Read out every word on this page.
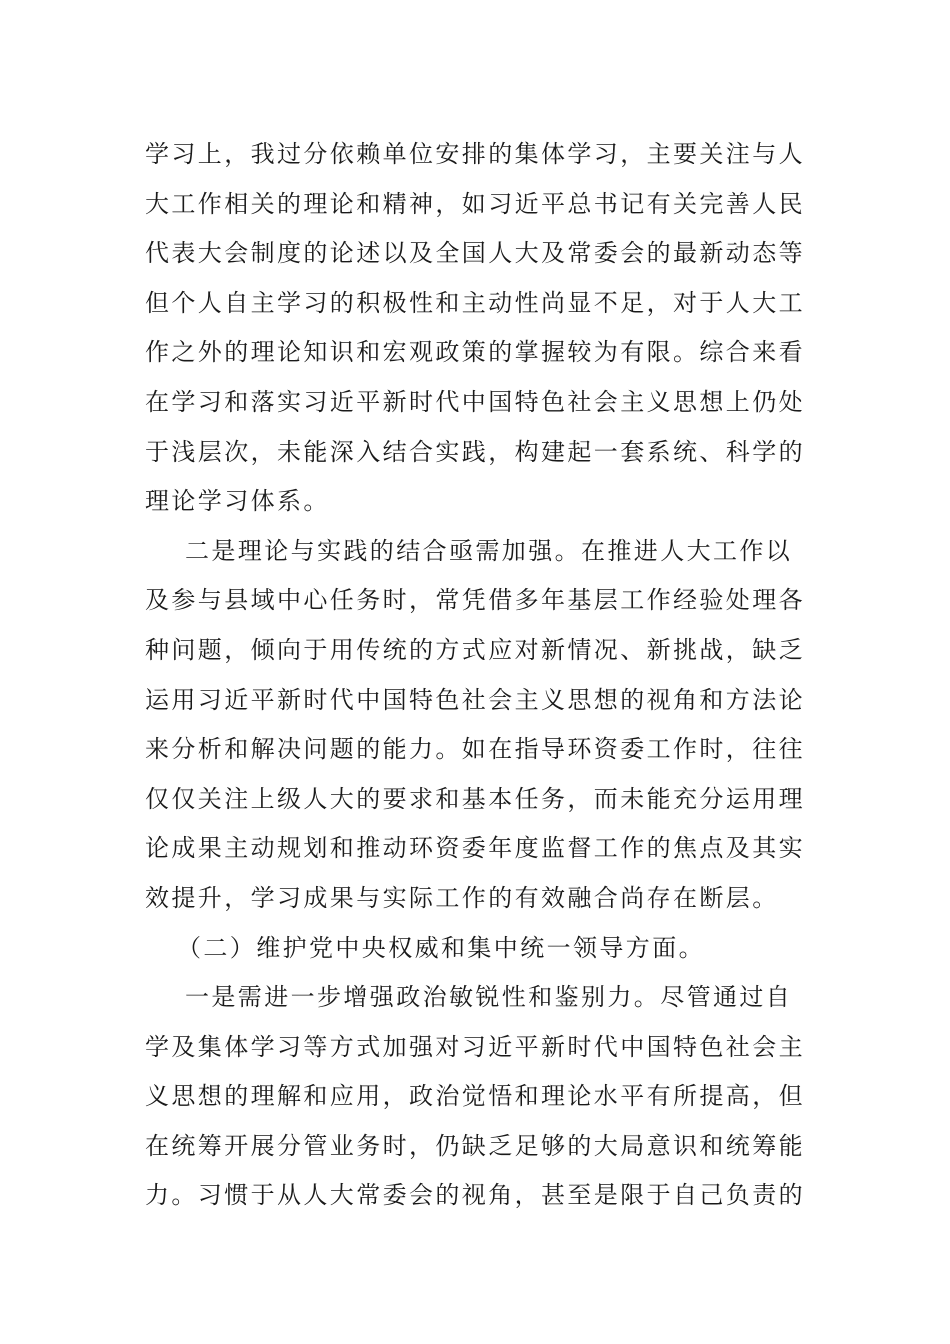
学习上，我过分依赖单位安排的集体学习，主要关注与人
大工作相关的理论和精神，如习近平总书记有关完善人民
代表大会制度的论述以及全国人大及常委会的最新动态等
但个人自主学习的积极性和主动性尚显不足，对于人大工
作之外的理论知识和宏观政策的掌握较为有限。综合来看
在学习和落实习近平新时代中国特色社会主义思想上仍处
于浅层次，未能深入结合实践，构建起一套系统、科学的
理论学习体系。
二是理论与实践的结合亟需加强。在推进人大工作以
及参与县域中心任务时，常凭借多年基层工作经验处理各
种问题，倾向于用传统的方式应对新情况、新挑战，缺乏
运用习近平新时代中国特色社会主义思想的视角和方法论
来分析和解决问题的能力。如在指导环资委工作时，往往
仅仅关注上级人大的要求和基本任务，而未能充分运用理
论成果主动规划和推动环资委年度监督工作的焦点及其实
效提升，学习成果与实际工作的有效融合尚存在断层。
（二）维护党中央权威和集中统一领导方面。
一是需进一步增强政治敏锐性和鉴别力。尽管通过自
学及集体学习等方式加强对习近平新时代中国特色社会主
义思想的理解和应用，政治觉悟和理论水平有所提高，但
在统筹开展分管业务时，仍缺乏足够的大局意识和统筹能
力。习惯于从人大常委会的视角，甚至是限于自己负责的
